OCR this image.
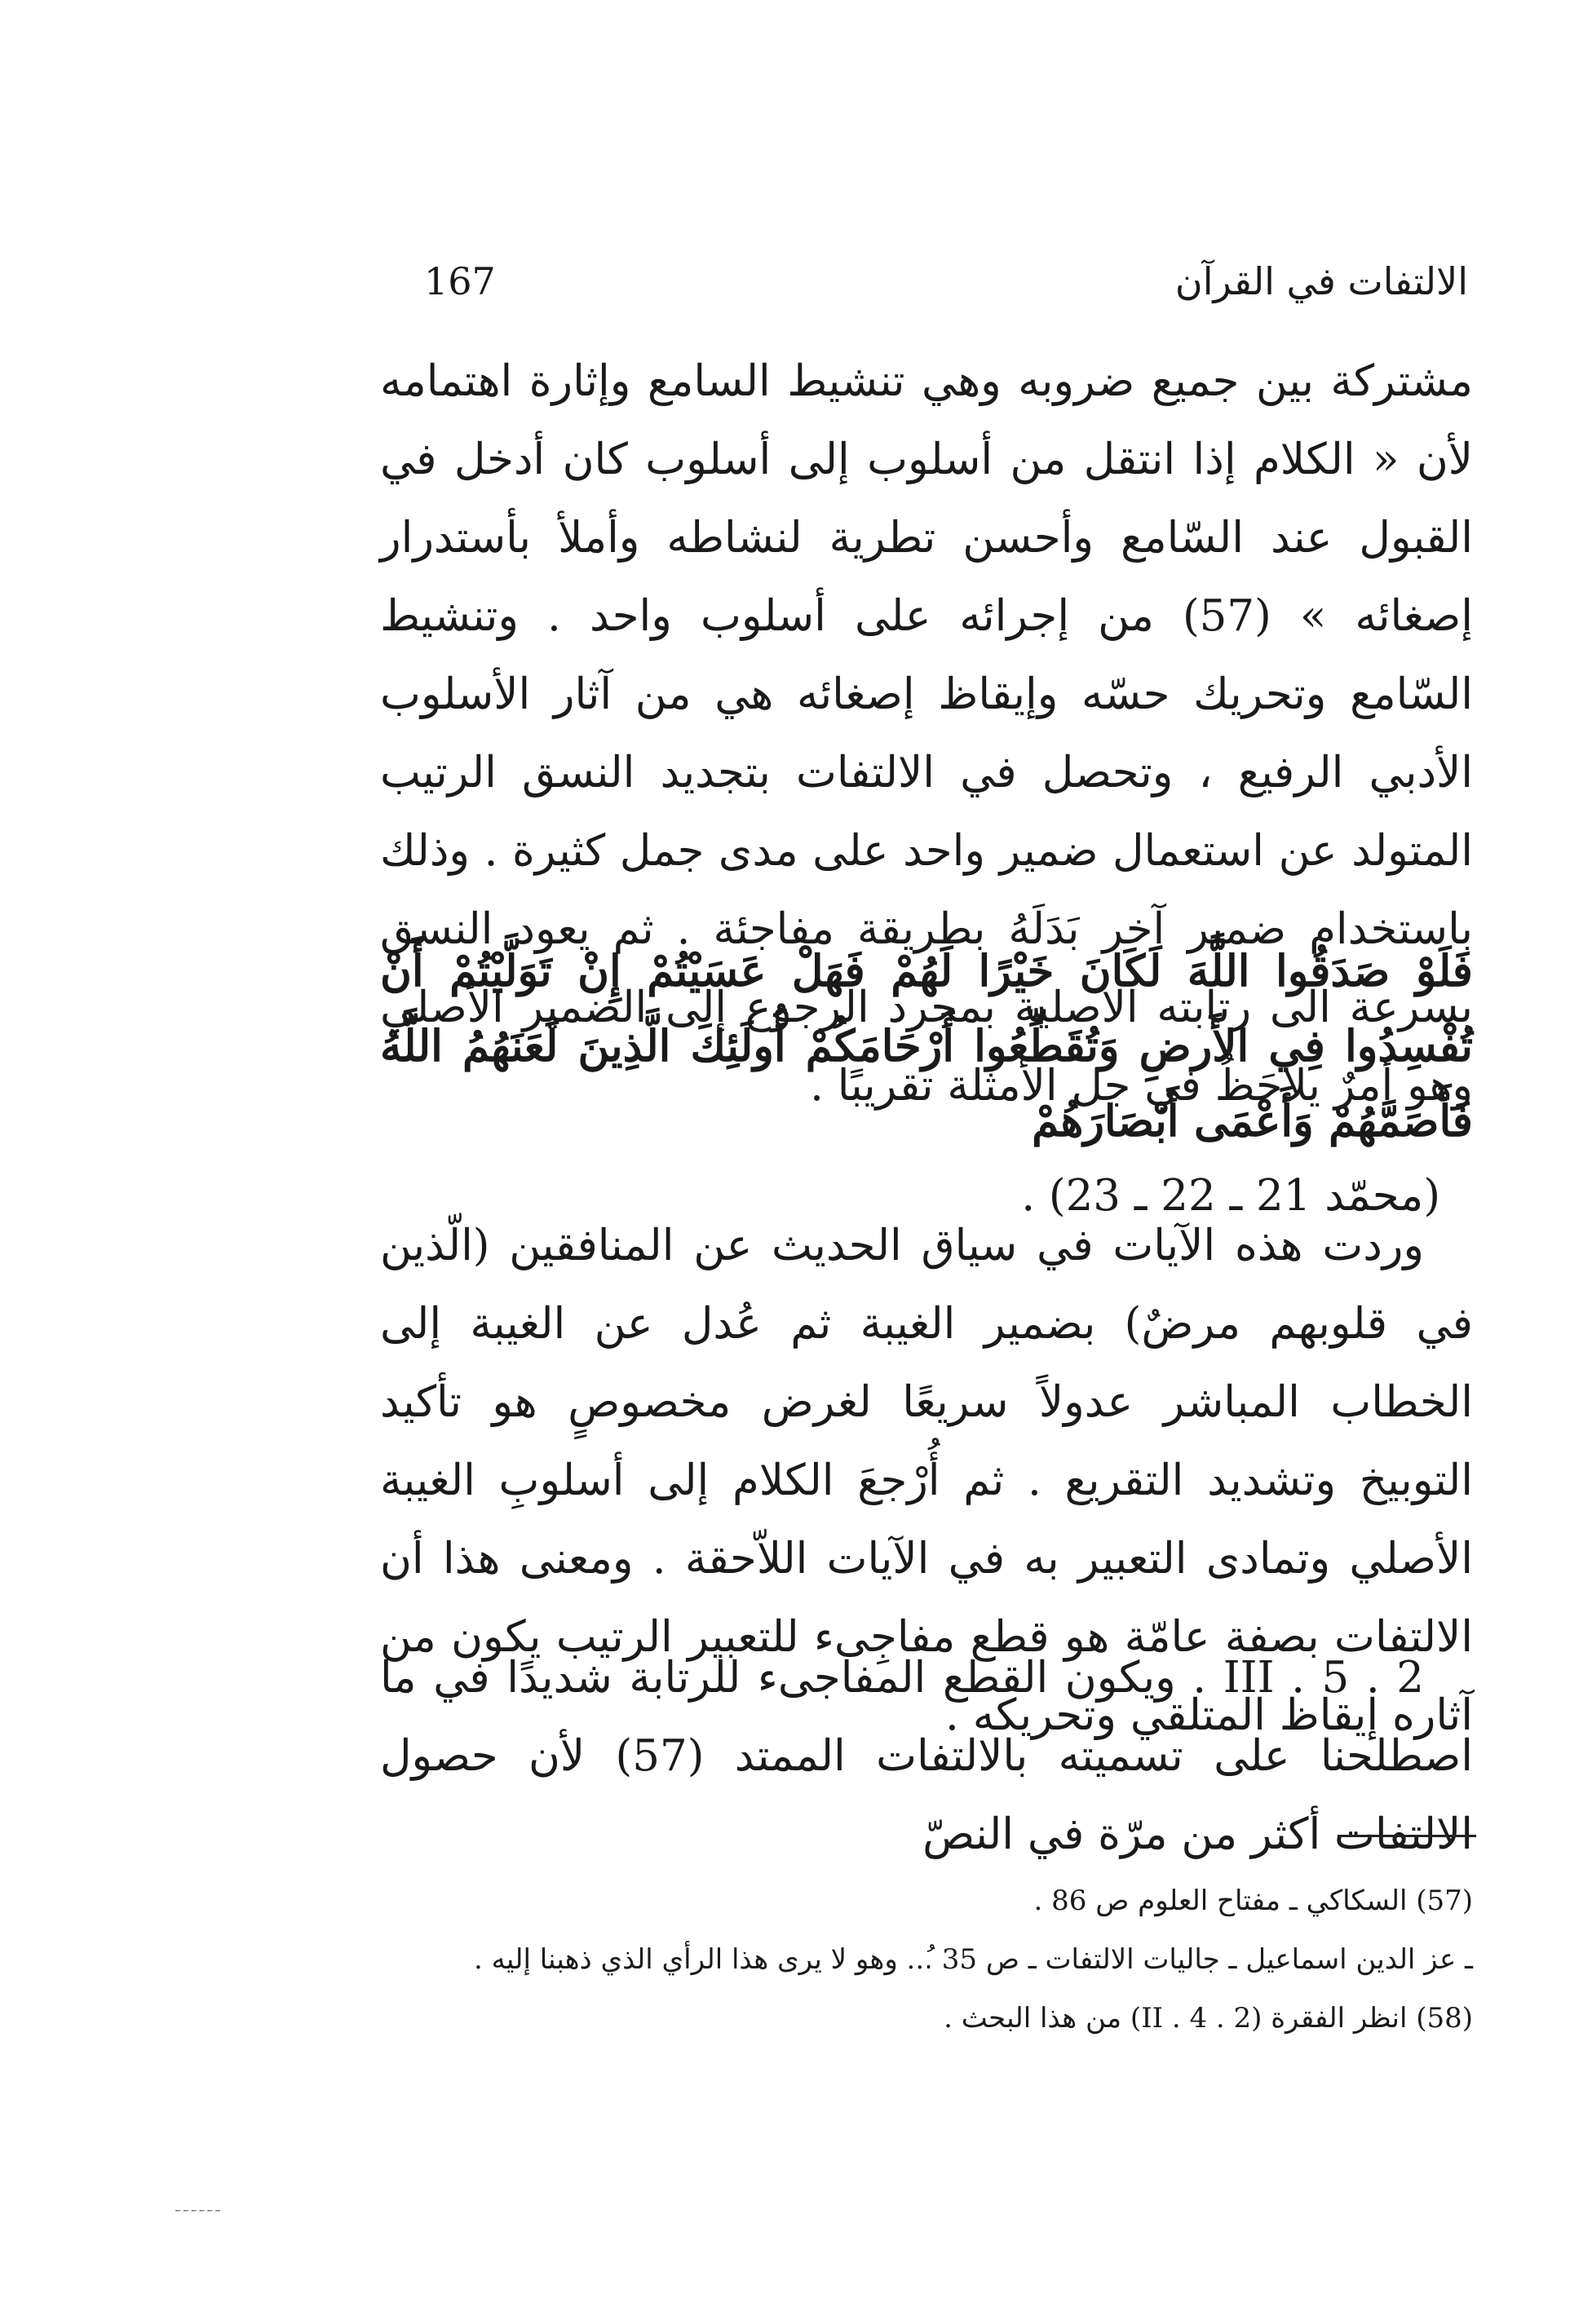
167	الالتفات في القرآن
مشتركة بين جميع ضروبه وهي تنشيط السامع وإثارة اهتمامه لأن « الكلام إذا انتقل من أسلوب إلى أسلوب كان أدخل في القبول عند السّامع وأحسن تطرية لنشاطه وأملأ بأستدرار إصغائه » (57) من إجرائه على أسلوب واحد . وتنشيط السّامع وتحريك حسّه وإيقاظ إصغائه هي من آثار الأسلوب الأدبي الرفيع ، وتحصل في الالتفات بتجديد النسق الرتيب المتولد عن استعمال ضمير واحد على مدى جمل كثيرة . وذلك باستخدام ضمير آخر بَدَلَهُ بطريقة مفاجئة . ثم يعود النسق بسرعة الى رتابته الاصلية بمجرد الرجوع إلى الضمير الأصلي وهو أمرٌ يلاحَظُ في جل الأمثلة تقريبًا .
فَلَوْ صَدَقُوا اللَّهَ لَكَانَ خَيْرًا لَهُمْ فَهَلْ عَسَيْتُمْ إِنْ تَوَلَّيْتُمْ أَنْ تُفْسِدُوا فِي الأَرضِ وَتُقَطِّعُوا أَرْحَامَكُمْ أُولَئِكَ الَّذِينَ لَعَنَهُمُ اللَّهُ فَأَصَمَّهُمْ وَأَعْمَى أَبْصَارَهُمْ
(محمّد 21 ـ 22 ـ 23) .
وردت هذه الآيات في سياق الحديث عن المنافقين (الّذين في قلوبهم مرضٌ) بضمير الغيبة ثم عُدل عن الغيبة إلى الخطاب المباشر عدولاً سريعًا لغرض مخصوصٍ هو تأكيد التوبيخ وتشديد التقريع . ثم أُرْجعَ الكلام إلى أسلوبِ الغيبة الأصلي وتمادى التعبير به في الآيات اللاّحقة . ومعنى هذا أن الالتفات بصفة عامّة هو قطع مفاجِىء للتعبير الرتيب يكون من آثاره إيقاظ المتلقي وتحريكه .
III . 5 . 2 . ويكون القطع المفاجىء للرتابة شديدًا في ما اصطلحنا على تسميته بالالتفات الممتد (57) لأن حصول الالتفات أكثر من مرّة في النصّ

(57) السكاكي ـ مفتاح العلوم ص 86 .

ـ عز الدين اسماعيل ـ جاليات الالتفات ـ ص 35 .ُ.. وهو لا يرى هذا الرأي الذي ذهبنا إليه .

(58) انظر الفقرة (II . 4 . 2) من هذا البحث .
